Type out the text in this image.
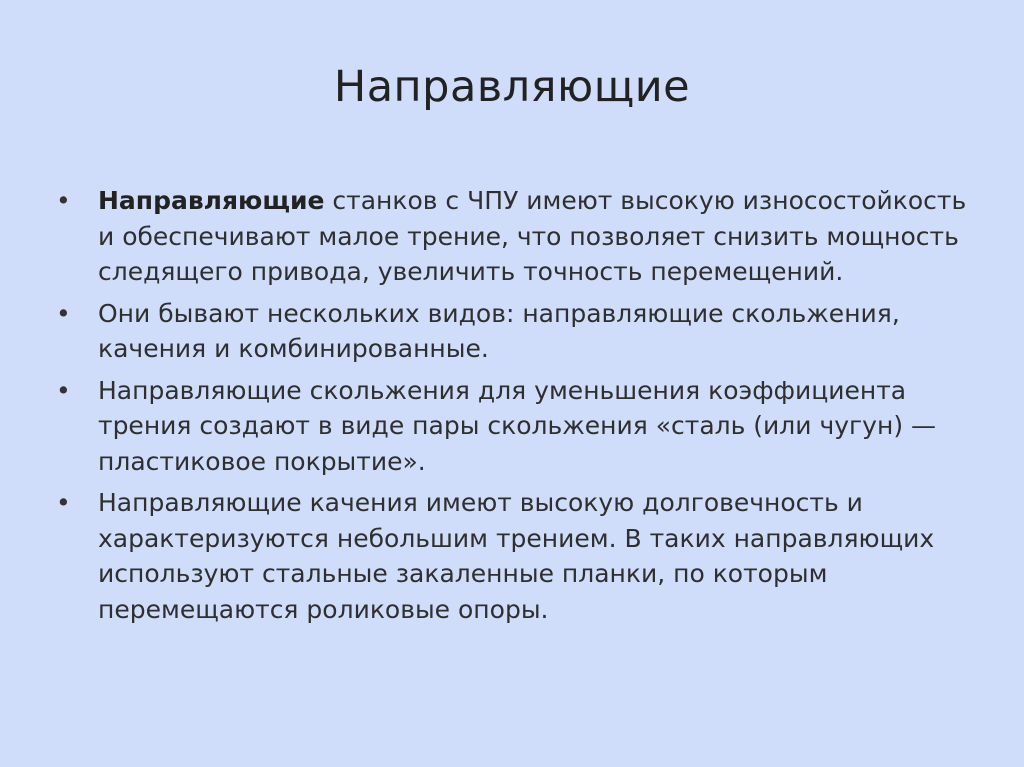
Направляющие
• Направляющие станков с ЧПУ имеют высокую износостойкость и обеспечивают малое трение, что позволяет снизить мощность следящего привода, увеличить точность перемещений.
• Они бывают нескольких видов: направляющие скольжения, качения и комбинированные.
• Направляющие скольжения для уменьшения коэффициента трения создают в виде пары скольжения «сталь (или чугун) — пластиковое покрытие».
• Направляющие качения имеют высокую долговечность и характеризуются небольшим трением. В таких направляющих используют стальные закаленные планки, по которым перемещаются роликовые опоры.
